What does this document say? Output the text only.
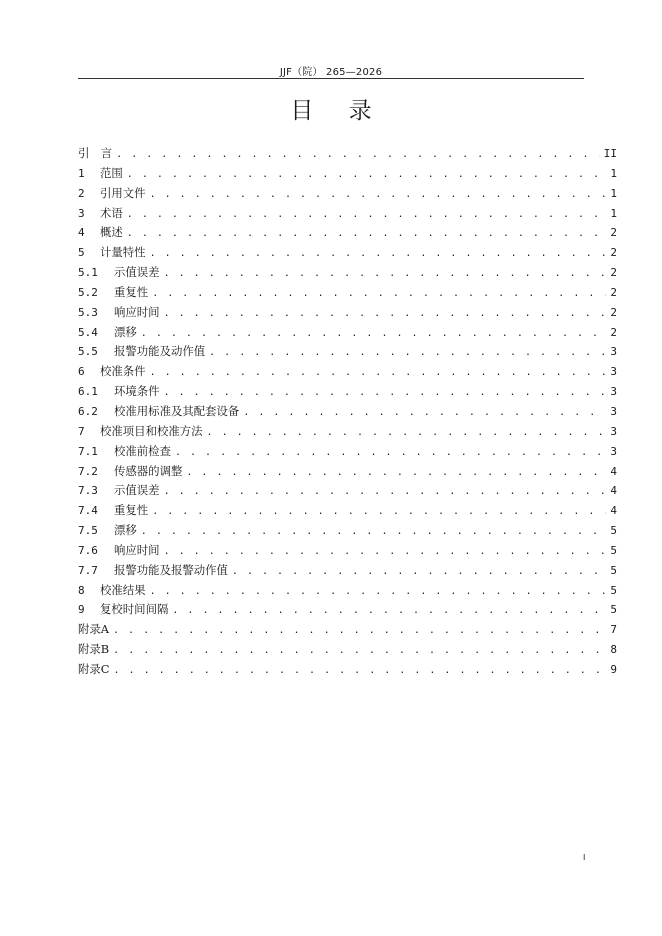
JJF（院） 265—2026
目 录
引　言 . . .	II
1	范围 . . .	1
2	引用文件 . . .	1
3	术语 . . .	1
4	概述 . . .	2
5	计量特性 . . .	2
5.1	示值误差 . . .	2
5.2	重复性 . . .	2
5.3	响应时间 . . .	2
5.4	漂移 . . .	2
5.5	报警功能及动作值 . . .	3
6	校准条件 . . .	3
6.1	环境条件 . . .	3
6.2	校准用标准及其配套设备 . . .	3
7	校准项目和校准方法 . . .	3
7.1	校准前检查 . . .	3
7.2	传感器的调整 . . .	4
7.3	示值误差 . . .	4
7.4	重复性 . . .	4
7.5	漂移 . . .	5
7.6	响应时间 . . .	5
7.7	报警功能及报警动作值 . . .	5
8	校准结果 . . .	5
9	复校时间间隔 . . .	5
附录A . . .	7
附录B . . .	8
附录C . . .	9
I
